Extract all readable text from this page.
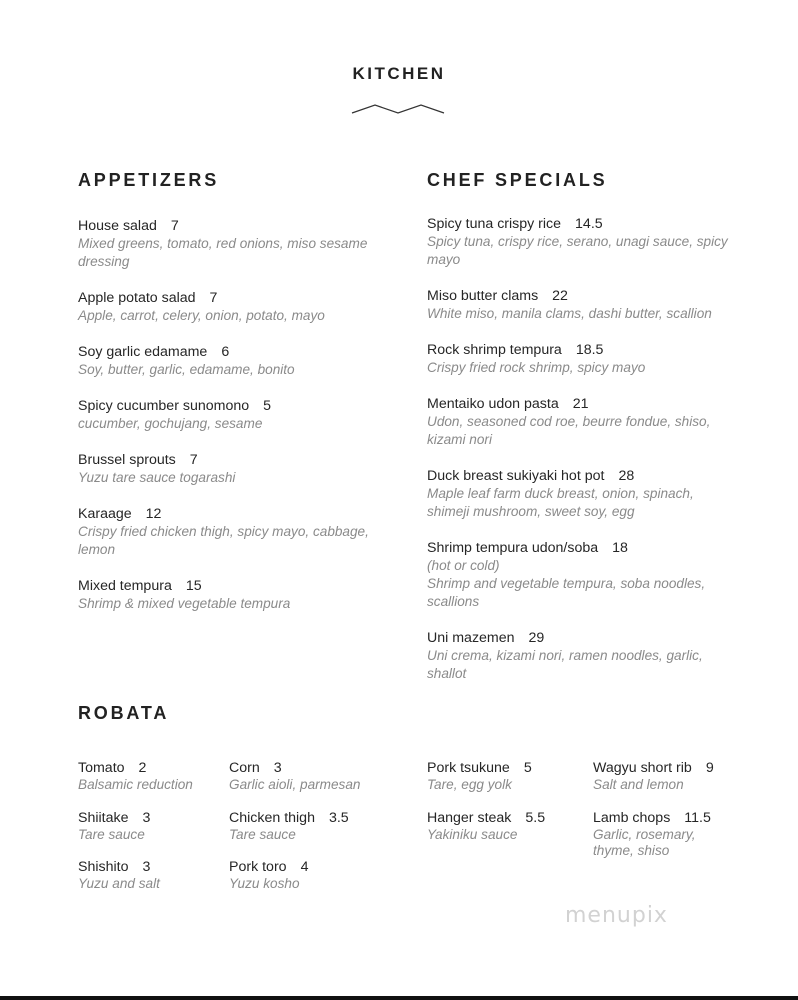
KITCHEN
APPETIZERS
House salad 7
Mixed greens, tomato, red onions, miso sesame dressing
Apple potato salad 7
Apple, carrot, celery, onion, potato, mayo
Soy garlic edamame 6
Soy, butter, garlic, edamame, bonito
Spicy cucumber sunomono 5
cucumber, gochujang, sesame
Brussel sprouts 7
Yuzu tare sauce togarashi
Karaage 12
Crispy fried chicken thigh, spicy mayo, cabbage, lemon
Mixed tempura 15
Shrimp & mixed vegetable tempura
CHEF SPECIALS
Spicy tuna crispy rice 14.5
Spicy tuna, crispy rice, serano, unagi sauce, spicy mayo
Miso butter clams 22
White miso, manila clams, dashi butter, scallion
Rock shrimp tempura 18.5
Crispy fried rock shrimp, spicy mayo
Mentaiko udon pasta 21
Udon, seasoned cod roe, beurre fondue, shiso, kizami nori
Duck breast sukiyaki hot pot 28
Maple leaf farm duck breast, onion, spinach, shimeji mushroom, sweet soy, egg
Shrimp tempura udon/soba 18
(hot or cold)
Shrimp and vegetable tempura, soba noodles, scallions
Uni mazemen 29
Uni crema, kizami nori, ramen noodles, garlic, shallot
ROBATA
Tomato 2
Balsamic reduction
Shiitake 3
Tare sauce
Shishito 3
Yuzu and salt
Corn 3
Garlic aioli, parmesan
Chicken thigh 3.5
Tare sauce
Pork toro 4
Yuzu kosho
Pork tsukune 5
Tare, egg yolk
Hanger steak 5.5
Yakiniku sauce
Wagyu short rib 9
Salt and lemon
Lamb chops 11.5
Garlic, rosemary, thyme, shiso
menupix
